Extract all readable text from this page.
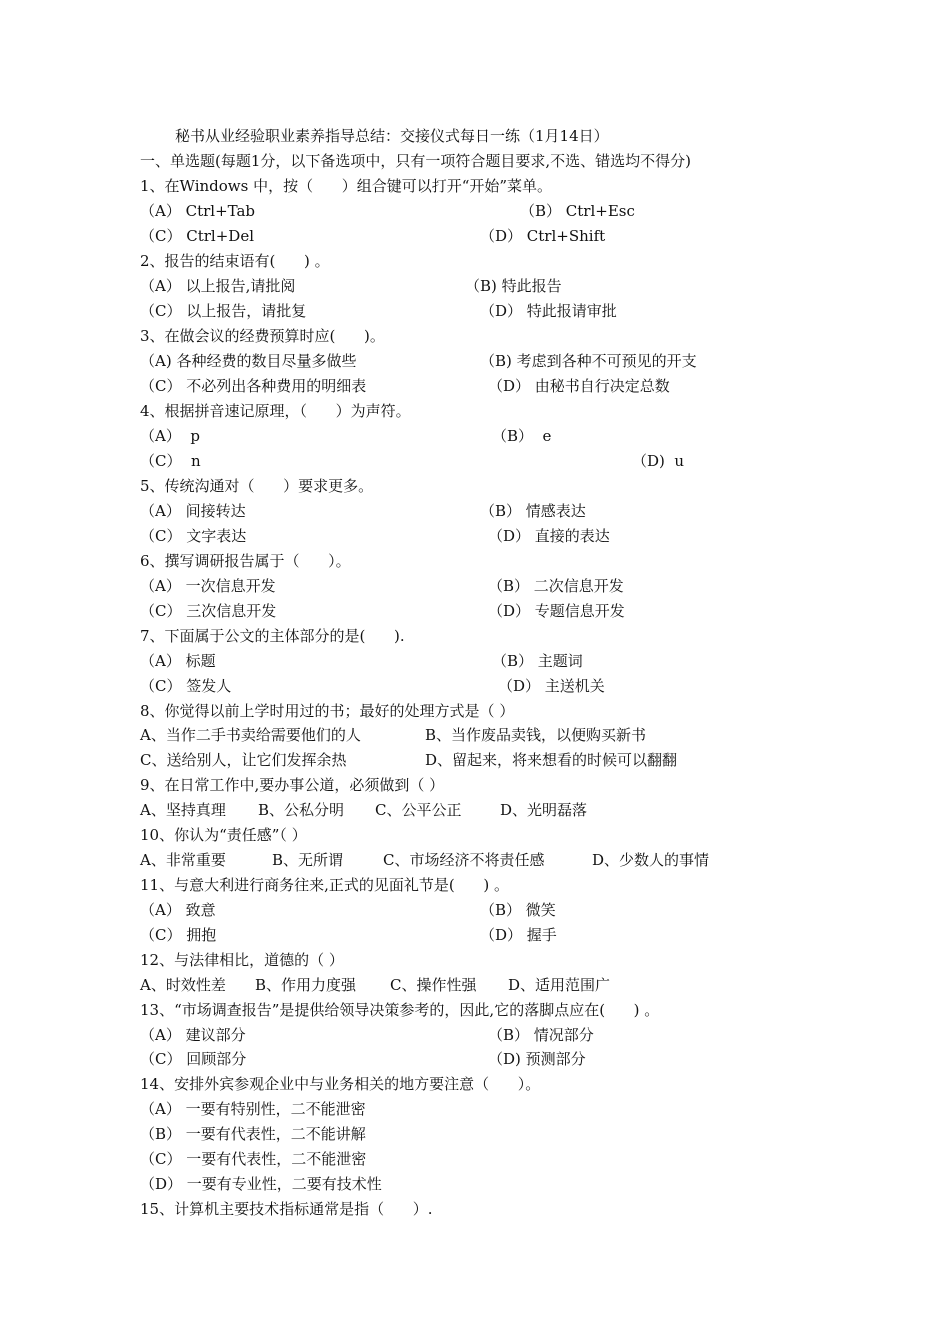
秘书从业经验职业素养指导总结：交接仪式每日一练（1月14日）
一、单选题(每题1分，以下备选项中，只有一项符合题目要求,不选、错选均不得分)
1、在Windows 中，按（      ）组合键可以打开“开始”菜单。
（A） Ctrl+Tab	（B） Ctrl+Esc
（C） Ctrl+Del	（D） Ctrl+Shift
2、报告的结束语有(      ) 。
（A） 以上报告,请批阅	（B) 特此报告
（C） 以上报告，请批复	（D） 特此报请审批
3、在做会议的经费预算时应(      )。
（A) 各种经费的数目尽量多做些	（B) 考虑到各种不可预见的开支
（C） 不必列出各种费用的明细表	（D） 由秘书自行决定总数
4、根据拼音速记原理，（      ）为声符。
（A）  p	（B）  e
（C）  n	（D)  u
5、传统沟通对（      ）要求更多。
（A） 间接转达	（B） 情感表达
（C） 文字表达	（D） 直接的表达
6、撰写调研报告属于（      ）。
（A） 一次信息开发	（B） 二次信息开发
（C） 三次信息开发	（D） 专题信息开发
7、下面属于公文的主体部分的是(      ).
（A） 标题	（B） 主题词
（C） 签发人	（D） 主送机关
8、你觉得以前上学时用过的书；最好的处理方式是（ ）
A、当作二手书卖给需要他们的人	B、当作废品卖钱，以便购买新书
C、送给别人，让它们发挥余热	D、留起来，将来想看的时候可以翻翻
9、在日常工作中,要办事公道，必须做到（ ）
A、坚持真理 B、公私分明 C、公平公正	D、光明磊落
10、你认为“责任感”（ ）
A、非常重要	B、无所谓	C、市场经济不将责任感	D、少数人的事情
11、与意大利进行商务往来,正式的见面礼节是(      ) 。
（A） 致意	（B） 微笑
（C） 拥抱	（D） 握手
12、与法律相比，道德的（ ）
A、时效性差 B、作用力度强 C、操作性强 D、适用范围广
13、“市场调查报告”是提供给领导决策参考的，因此,它的落脚点应在(      ) 。
（A） 建议部分	（B） 情况部分
（C） 回顾部分	（D) 预测部分
14、安排外宾参观企业中与业务相关的地方要注意（      ）。
（A） 一要有特别性，二不能泄密
（B） 一要有代表性，二不能讲解
（C） 一要有代表性，二不能泄密
（D） 一要有专业性，二要有技术性
15、计算机主要技术指标通常是指（      ）.
